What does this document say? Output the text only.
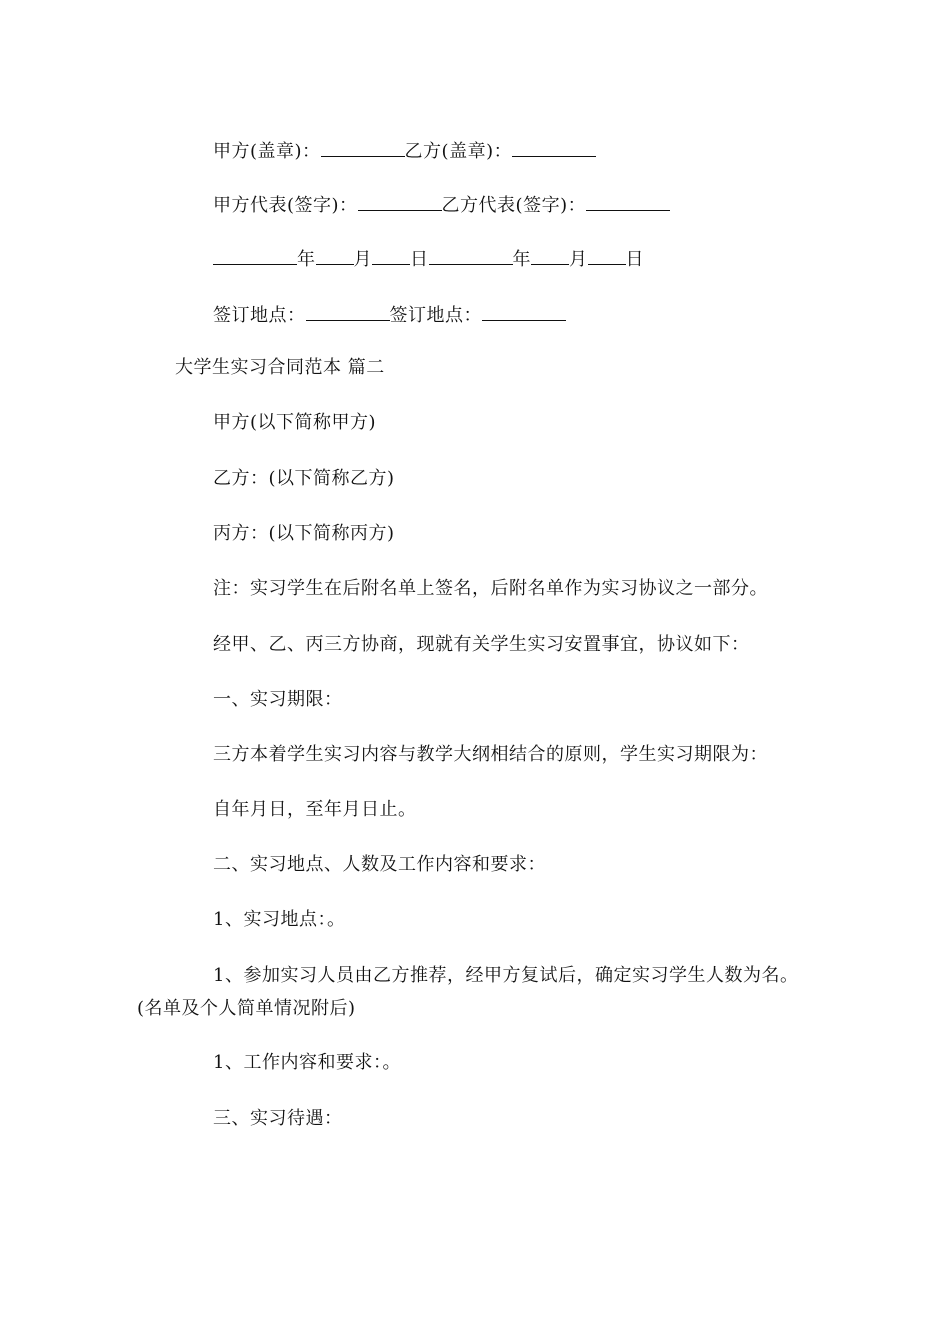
甲方(盖章)：	乙方(盖章)：
甲方代表(签字)：	乙方代表(签字)：
年 月 日	年 月 日
签订地点：	签订地点：
大学生实习合同范本 篇二
甲方(以下简称甲方)
乙方：(以下简称乙方)
丙方：(以下简称丙方)
注：实习学生在后附名单上签名，后附名单作为实习协议之一部分。
经甲、乙、丙三方协商，现就有关学生实习安置事宜，协议如下：
一、实习期限：
三方本着学生实习内容与教学大纲相结合的原则，学生实习期限为：
自年月日，至年月日止。
二、实习地点、人数及工作内容和要求：
1、实习地点：。
1、参加实习人员由乙方推荐，经甲方复试后，确定实习学生人数为名。
(名单及个人简单情况附后)
1、工作内容和要求：。
三、实习待遇：
